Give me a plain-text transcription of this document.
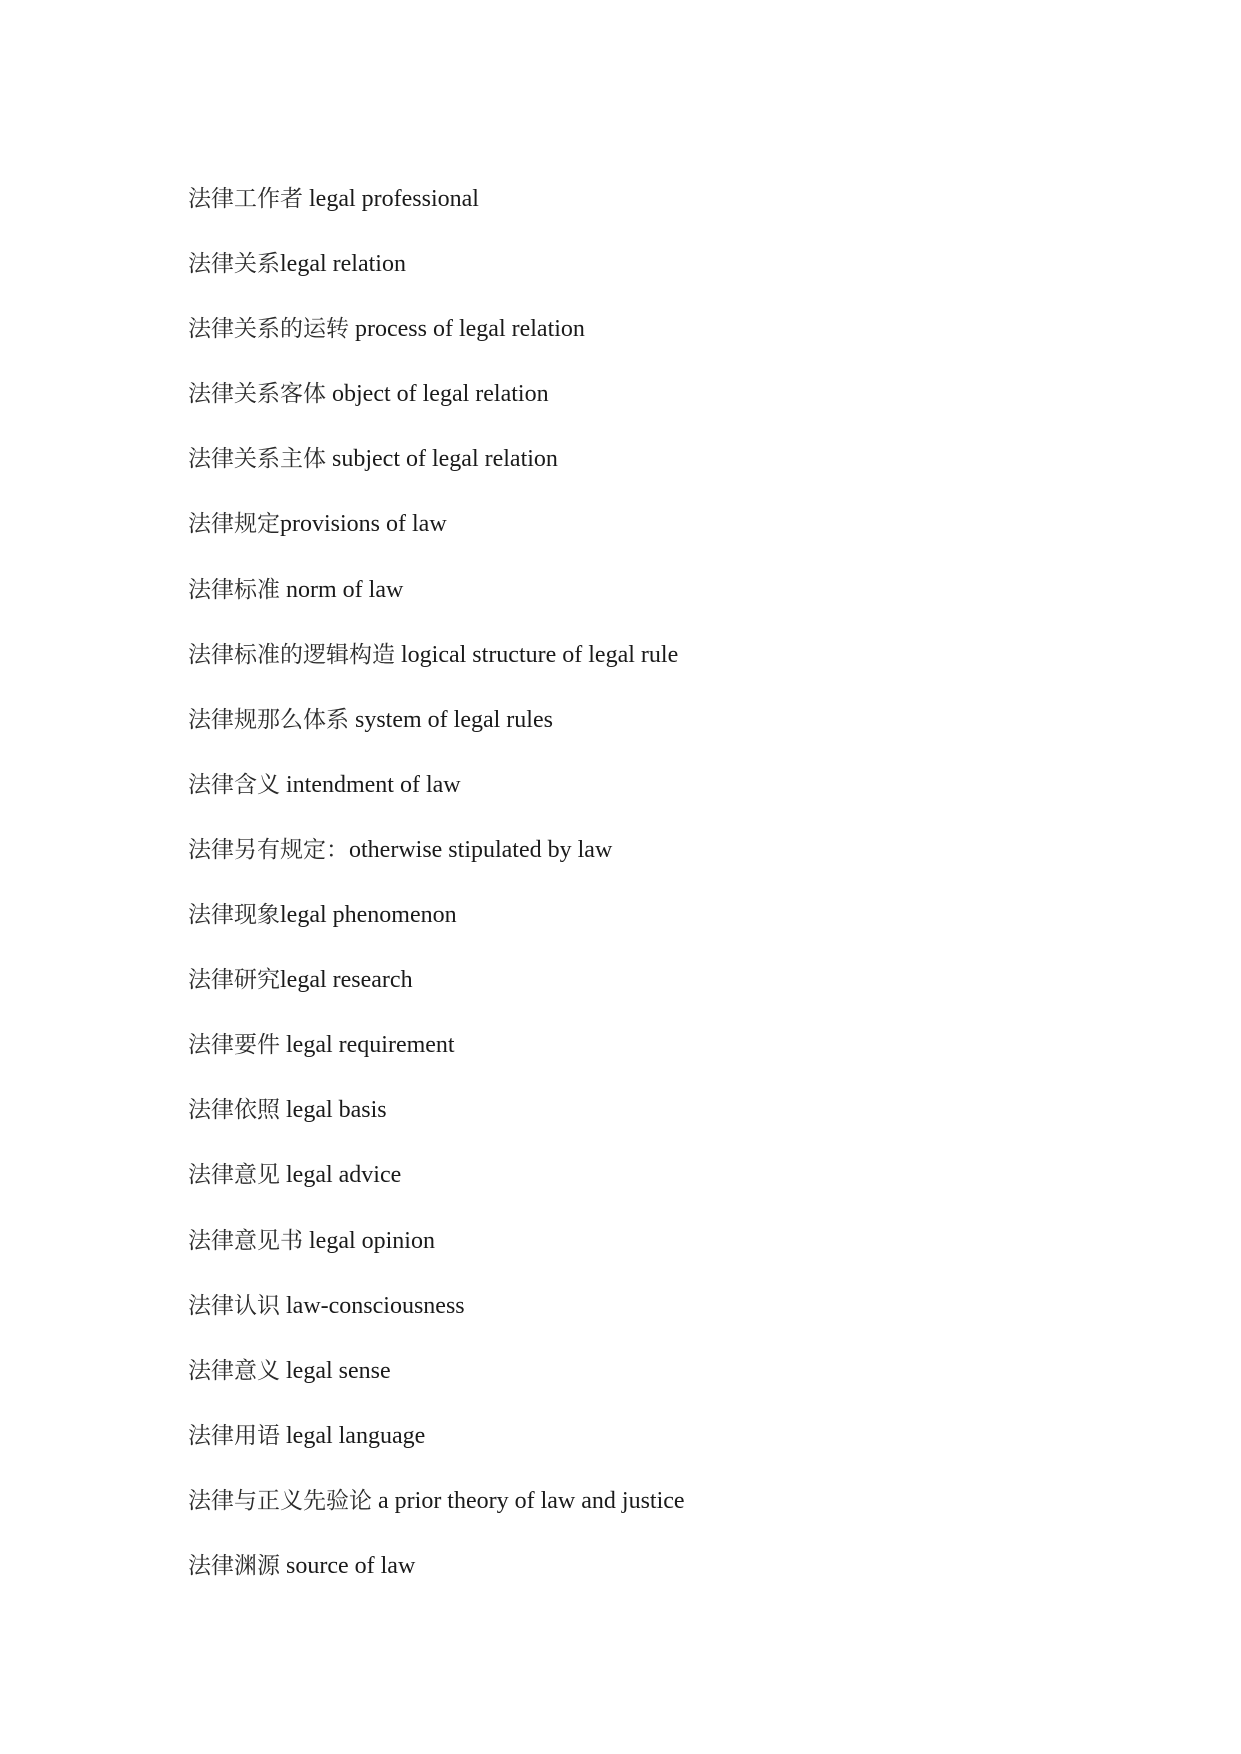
法律工作者 legal professional
法律关系legal relation
法律关系的运转 process of legal relation
法律关系客体 object of legal relation
法律关系主体 subject of legal relation
法律规定provisions of law
法律标准 norm of law
法律标准的逻辑构造 logical structure of legal rule
法律规那么体系 system of legal rules
法律含义 intendment of law
法律另有规定：otherwise stipulated by law
法律现象legal phenomenon
法律研究legal research
法律要件 legal requirement
法律依照 legal basis
法律意见 legal advice
法律意见书 legal opinion
法律认识 law-consciousness
法律意义 legal sense
法律用语 legal language
法律与正义先验论 a prior theory of law and justice
法律渊源 source of law
